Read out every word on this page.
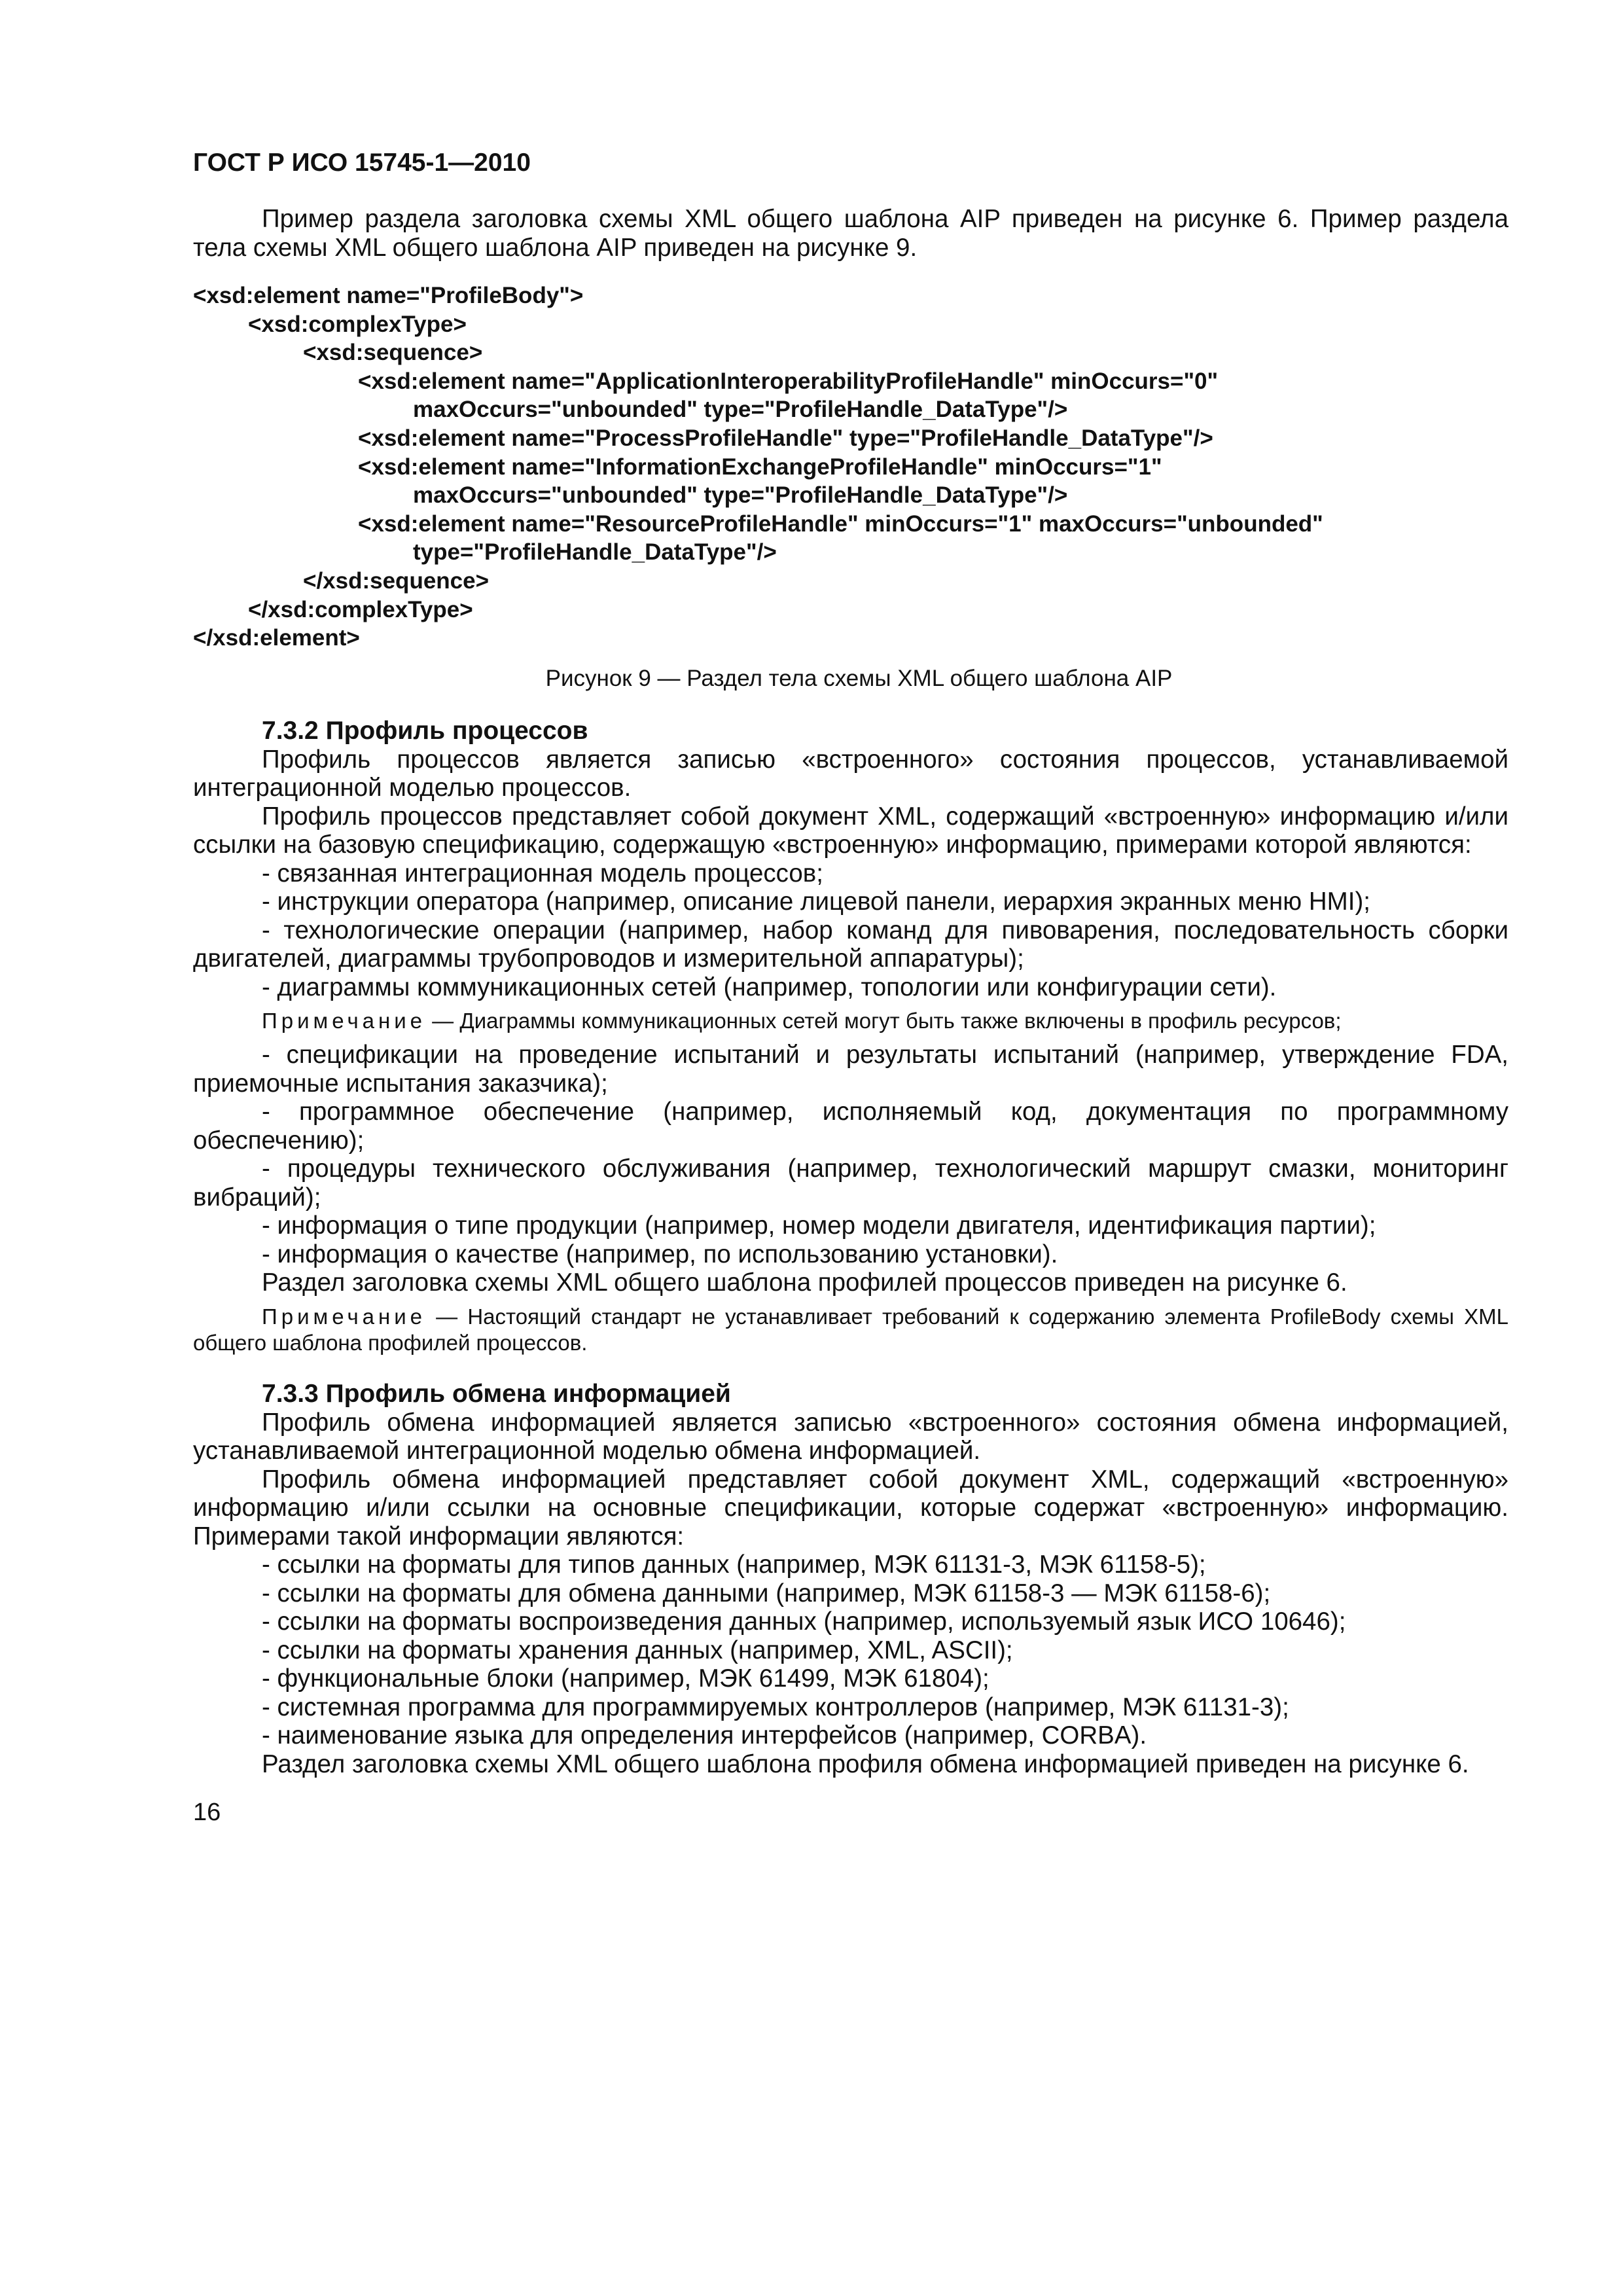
ГОСТ Р ИСО 15745-1—2010

Пример раздела заголовка схемы XML общего шаблона AIP приведен на рисунке 6. Пример раздела тела схемы XML общего шаблона AIP приведен на рисунке 9.

<xsd:element name="ProfileBody">
<xsd:complexType>
<xsd:sequence>
<xsd:element name="ApplicationInteroperabilityProfileHandle" minOccurs="0"
maxOccurs="unbounded" type="ProfileHandle_DataType"/>
<xsd:element name="ProcessProfileHandle" type="ProfileHandle_DataType"/>
<xsd:element name="InformationExchangeProfileHandle" minOccurs="1"
maxOccurs="unbounded" type="ProfileHandle_DataType"/>
<xsd:element name="ResourceProfileHandle" minOccurs="1" maxOccurs="unbounded"
type="ProfileHandle_DataType"/>
</xsd:sequence>
</xsd:complexType>
</xsd:element>
Рисунок 9 — Раздел тела схемы XML общего шаблона AIP
7.3.2 Профиль процессов

Профиль процессов является записью «встроенного» состояния процессов, устанавливаемой интеграционной моделью процессов.

Профиль процессов представляет собой документ XML, содержащий «встроенную» информацию и/или ссылки на базовую спецификацию, содержащую «встроенную» информацию, примерами которой являются:

- связанная интеграционная модель процессов;

- инструкции оператора (например, описание лицевой панели, иерархия экранных меню HMI);

- технологические операции (например, набор команд для пивоварения, последовательность сборки двигателей, диаграммы трубопроводов и измерительной аппаратуры);

- диаграммы коммуникационных сетей (например, топологии или конфигурации сети).

Примечание — Диаграммы коммуникационных сетей могут быть также включены в профиль ресурсов;

- спецификации на проведение испытаний и результаты испытаний (например, утверждение FDA, приемочные испытания заказчика);

- программное обеспечение (например, исполняемый код, документация по программному обеспечению);

- процедуры технического обслуживания (например, технологический маршрут смазки, мониторинг вибраций);

- информация о типе продукции (например, номер модели двигателя, идентификация партии);

- информация о качестве (например, по использованию установки).

Раздел заголовка схемы XML общего шаблона профилей процессов приведен на рисунке 6.

Примечание — Настоящий стандарт не устанавливает требований к содержанию элемента ProfileBody схемы XML общего шаблона профилей процессов.

7.3.3 Профиль обмена информацией

Профиль обмена информацией является записью «встроенного» состояния обмена информацией, устанавливаемой интеграционной моделью обмена информацией.

Профиль обмена информацией представляет собой документ XML, содержащий «встроенную» информацию и/или ссылки на основные спецификации, которые содержат «встроенную» информацию. Примерами такой информации являются:

- ссылки на форматы для типов данных (например, МЭК 61131-3, МЭК 61158-5);

- ссылки на форматы для обмена данными (например, МЭК 61158-3 — МЭК 61158-6);

- ссылки на форматы воспроизведения данных (например, используемый язык ИСО 10646);

- ссылки на форматы хранения данных (например, XML, ASCII);

- функциональные блоки (например, МЭК 61499, МЭК 61804);

- системная программа для программируемых контроллеров (например, МЭК 61131-3);

- наименование языка для определения интерфейсов (например, CORBA).

Раздел заголовка схемы XML общего шаблона профиля обмена информацией приведен на рисунке 6.

16
